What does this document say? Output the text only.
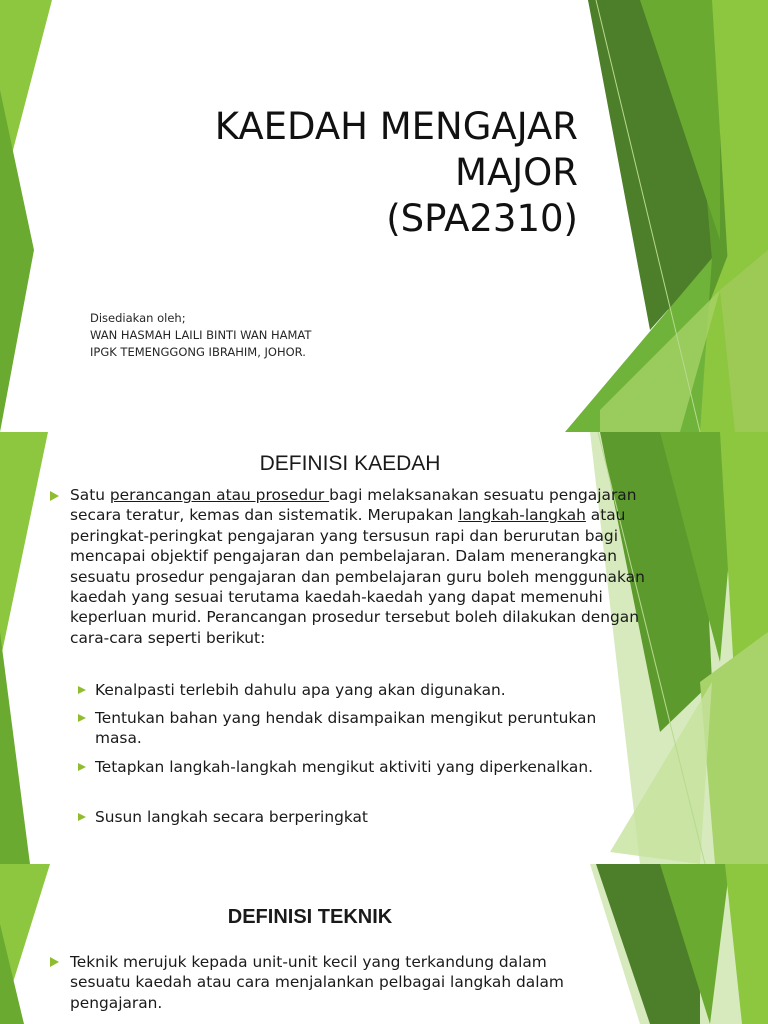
KAEDAH MENGAJAR
MAJOR
(SPA2310)
Disediakan oleh;
WAN HASMAH LAILI BINTI WAN HAMAT
IPGK TEMENGGONG IBRAHIM, JOHOR.
DEFINISI KAEDAH
Satu perancangan atau prosedur bagi melaksanakan sesuatu pengajaran secara teratur, kemas dan sistematik. Merupakan langkah-langkah atau peringkat-peringkat pengajaran yang tersusun rapi dan berurutan bagi mencapai objektif pengajaran dan pembelajaran. Dalam menerangkan sesuatu prosedur pengajaran dan pembelajaran guru boleh menggunakan kaedah yang sesuai terutama kaedah-kaedah yang dapat memenuhi keperluan murid. Perancangan prosedur tersebut boleh dilakukan dengan cara-cara seperti berikut:
Kenalpasti terlebih dahulu apa yang akan digunakan.
Tentukan bahan yang hendak disampaikan mengikut peruntukan masa.
Tetapkan langkah-langkah mengikut aktiviti yang diperkenalkan.
Susun langkah secara berperingkat
DEFINISI TEKNIK
Teknik merujuk kepada unit-unit kecil yang terkandung dalam sesuatu kaedah atau cara menjalankan pelbagai langkah dalam pengajaran.
